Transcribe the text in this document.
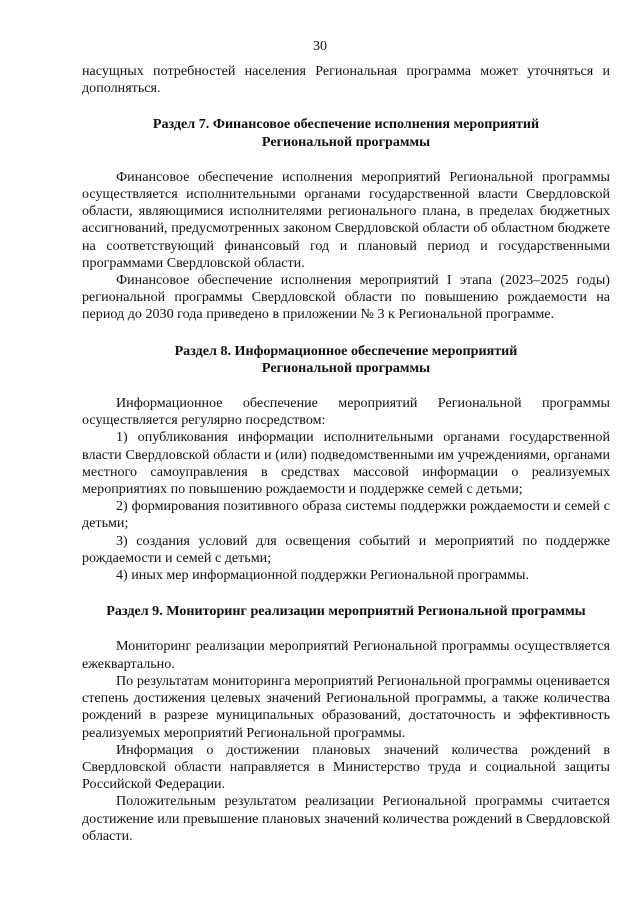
30

насущных потребностей населения Региональная программа может уточняться и дополняться.

Раздел 7. Финансовое обеспечение исполнения мероприятий
Региональной программы

Финансовое обеспечение исполнения мероприятий Региональной программы осуществляется исполнительными органами государственной власти Свердловской области, являющимися исполнителями регионального плана, в пределах бюджетных ассигнований, предусмотренных законом Свердловской области об областном бюджете на соответствующий финансовый год и плановый период и государственными программами Свердловской области.

Финансовое обеспечение исполнения мероприятий I этапа (2023–2025 годы) региональной программы Свердловской области по повышению рождаемости на период до 2030 года приведено в приложении № 3 к Региональной программе.

Раздел 8. Информационное обеспечение мероприятий
Региональной программы

Информационное обеспечение мероприятий Региональной программы осуществляется регулярно посредством:

1) опубликования информации исполнительными органами государственной власти Свердловской области и (или) подведомственными им учреждениями, органами местного самоуправления в средствах массовой информации о реализуемых мероприятиях по повышению рождаемости и поддержке семей с детьми;

2) формирования позитивного образа системы поддержки рождаемости и семей с детьми;

3) создания условий для освещения событий и мероприятий по поддержке рождаемости и семей с детьми;

4) иных мер информационной поддержки Региональной программы.

Раздел 9. Мониторинг реализации мероприятий Региональной программы

Мониторинг реализации мероприятий Региональной программы осуществляется ежеквартально.

По результатам мониторинга мероприятий Региональной программы оценивается степень достижения целевых значений Региональной программы, а также количества рождений в разрезе муниципальных образований, достаточность и эффективность реализуемых мероприятий Региональной программы.

Информация о достижении плановых значений количества рождений в Свердловской области направляется в Министерство труда и социальной защиты Российской Федерации.

Положительным результатом реализации Региональной программы считается достижение или превышение плановых значений количества рождений в Свердловской области.
